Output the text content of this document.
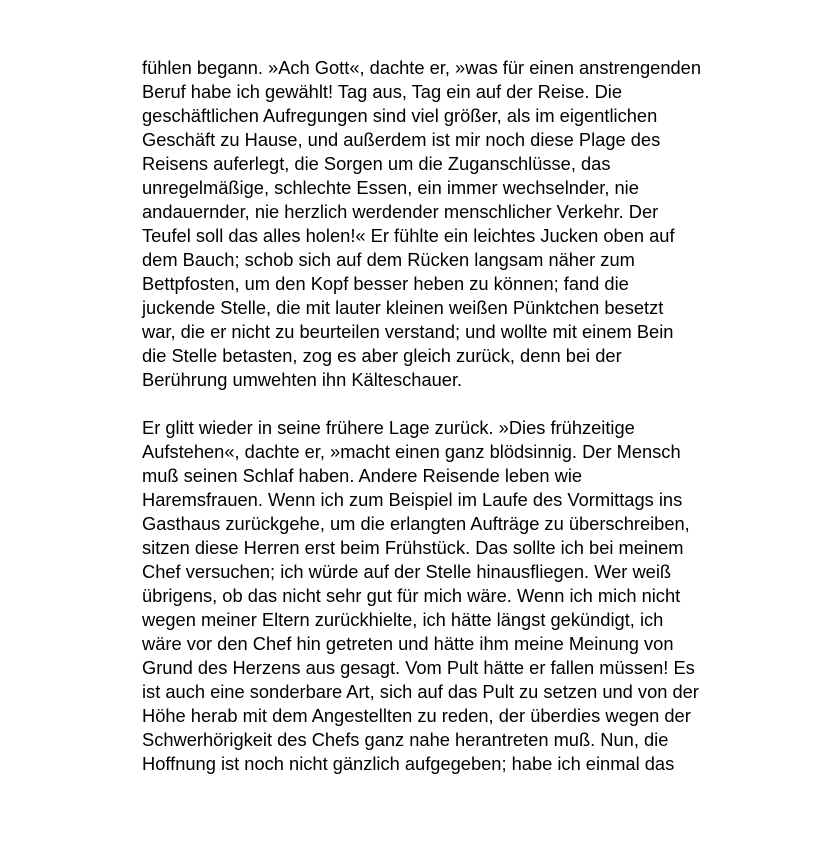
fühlen begann. »Ach Gott«, dachte er, »was für einen anstrengenden
Beruf habe ich gewählt! Tag aus, Tag ein auf der Reise. Die
geschäftlichen Aufregungen sind viel größer, als im eigentlichen
Geschäft zu Hause, und außerdem ist mir noch diese Plage des
Reisens auferlegt, die Sorgen um die Zuganschlüsse, das
unregelmäßige, schlechte Essen, ein immer wechselnder, nie
andauernder, nie herzlich werdender menschlicher Verkehr. Der
Teufel soll das alles holen!« Er fühlte ein leichtes Jucken oben auf
dem Bauch; schob sich auf dem Rücken langsam näher zum
Bettpfosten, um den Kopf besser heben zu können; fand die
juckende Stelle, die mit lauter kleinen weißen Pünktchen besetzt
war, die er nicht zu beurteilen verstand; und wollte mit einem Bein
die Stelle betasten, zog es aber gleich zurück, denn bei der
Berührung umwehten ihn Kälteschauer.

Er glitt wieder in seine frühere Lage zurück. »Dies frühzeitige
Aufstehen«, dachte er, »macht einen ganz blödsinnig. Der Mensch
muß seinen Schlaf haben. Andere Reisende leben wie
Haremsfrauen. Wenn ich zum Beispiel im Laufe des Vormittags ins
Gasthaus zurückgehe, um die erlangten Aufträge zu überschreiben,
sitzen diese Herren erst beim Frühstück. Das sollte ich bei meinem
Chef versuchen; ich würde auf der Stelle hinausfliegen. Wer weiß
übrigens, ob das nicht sehr gut für mich wäre. Wenn ich mich nicht
wegen meiner Eltern zurückhielte, ich hätte längst gekündigt, ich
wäre vor den Chef hin getreten und hätte ihm meine Meinung von
Grund des Herzens aus gesagt. Vom Pult hätte er fallen müssen! Es
ist auch eine sonderbare Art, sich auf das Pult zu setzen und von der
Höhe herab mit dem Angestellten zu reden, der überdies wegen der
Schwerhörigkeit des Chefs ganz nahe herantreten muß. Nun, die
Hoffnung ist noch nicht gänzlich aufgegeben; habe ich einmal das
